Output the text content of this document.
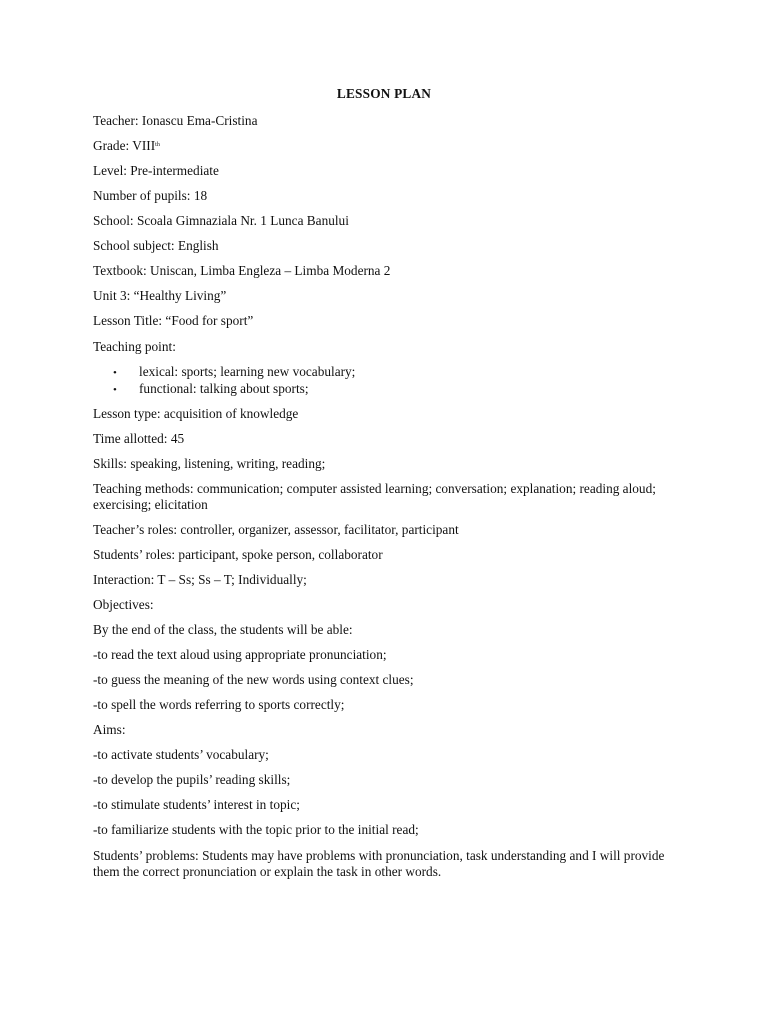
LESSON PLAN
Teacher: Ionascu Ema-Cristina
Grade: VIIIth
Level: Pre-intermediate
Number of pupils: 18
School: Scoala Gimnaziala Nr. 1 Lunca Banului
School subject: English
Textbook: Uniscan, Limba Engleza – Limba Moderna 2
Unit 3: “Healthy Living”
Lesson Title: “Food for sport”
Teaching point:
• lexical: sports; learning new vocabulary;
• functional: talking about sports;
Lesson type: acquisition of knowledge
Time allotted: 45
Skills: speaking, listening, writing, reading;
Teaching methods: communication; computer assisted learning; conversation; explanation; reading aloud; exercising; elicitation
Teacher’s roles: controller, organizer, assessor, facilitator, participant
Students’ roles: participant, spoke person, collaborator
Interaction: T – Ss; Ss – T; Individually;
Objectives:
By the end of the class, the students will be able:
-to read the text aloud using appropriate pronunciation;
-to guess the meaning of the new words using context clues;
-to spell the words referring to sports correctly;
Aims:
-to activate students’ vocabulary;
-to develop the pupils’ reading skills;
-to stimulate students’ interest in topic;
-to familiarize students with the topic prior to the initial read;
Students’ problems: Students may have problems with pronunciation, task understanding and I will provide them the correct pronunciation or explain the task in other words.
